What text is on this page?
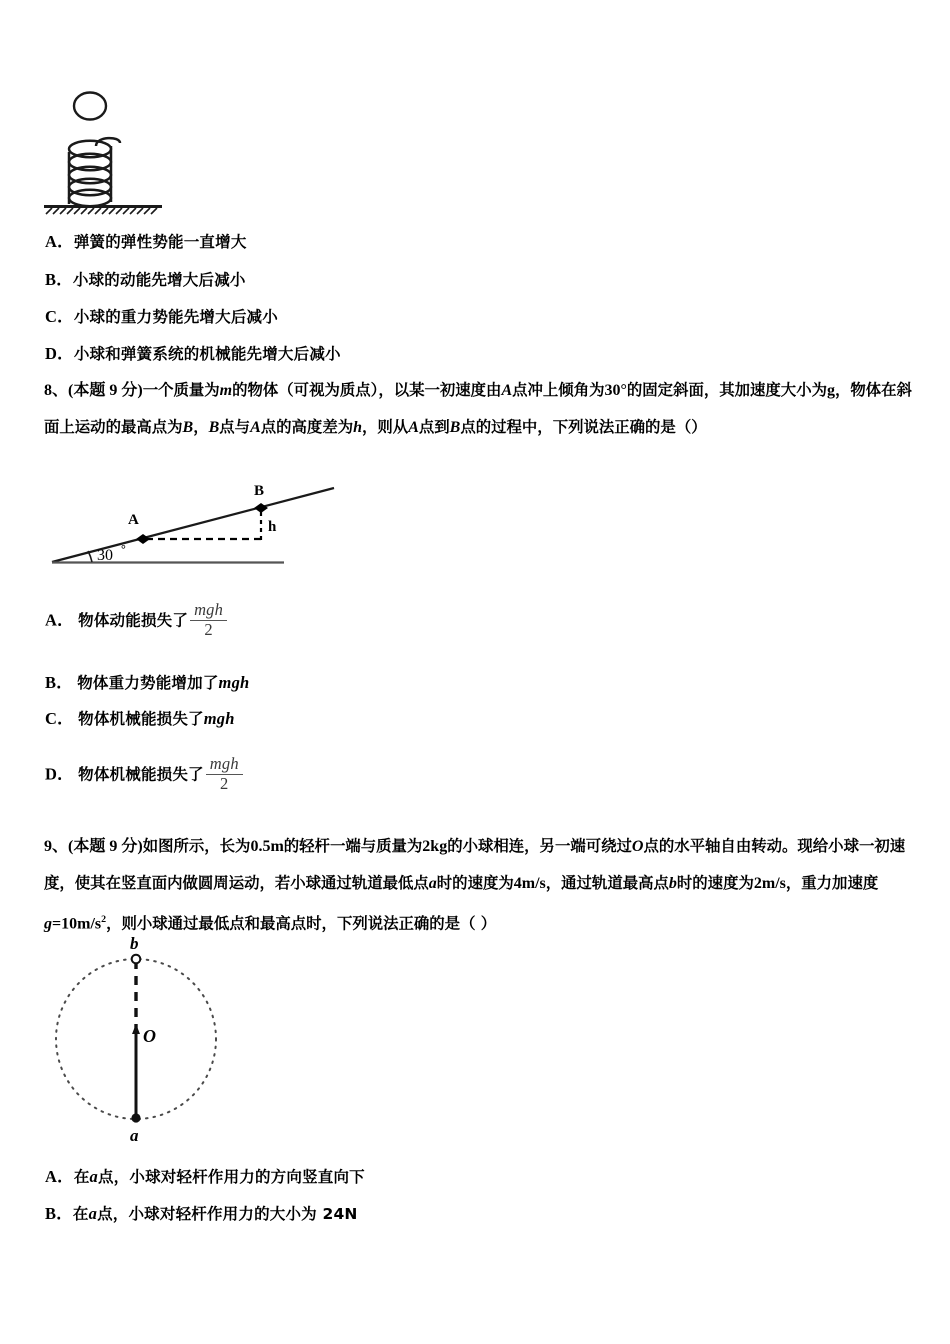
A．弹簧的弹性势能一直增大
B．小球的动能先增大后减小
C．小球的重力势能先增大后减小
D．小球和弹簧系统的机械能先增大后减小
8、(本题 9 分)一个质量为m的物体（可视为质点），以某一初速度由A点冲上倾角为30°的固定斜面，其加速度大小为g，物体在斜面上运动的最高点为B，B点与A点的高度差为h，则从A点到B点的过程中，下列说法正确的是（）
A
B
h
30 °
A． 物体动能损失了 $\frac{\text{mgh}}{2}$
B． 物体重力势能增加了mgh
C． 物体机械能损失了mgh
D． 物体机械能损失了 $\frac{\text{mgh}}{2}$
9、(本题 9 分)如图所示，长为0.5m的轻杆一端与质量为2kg的小球相连，另一端可绕过O点的水平轴自由转动。现给小球一初速度，使其在竖直面内做圆周运动，若小球通过轨道最低点a时的速度为4m/s，通过轨道最高点b时的速度为2m/s，重力加速度$g=10m/s^2$，则小球通过最低点和最高点时，下列说法正确的是（ ）
b
O
a
A．在a点，小球对轻杆作用力的方向竖直向下
B．在a点，小球对轻杆作用力的大小为 24N
